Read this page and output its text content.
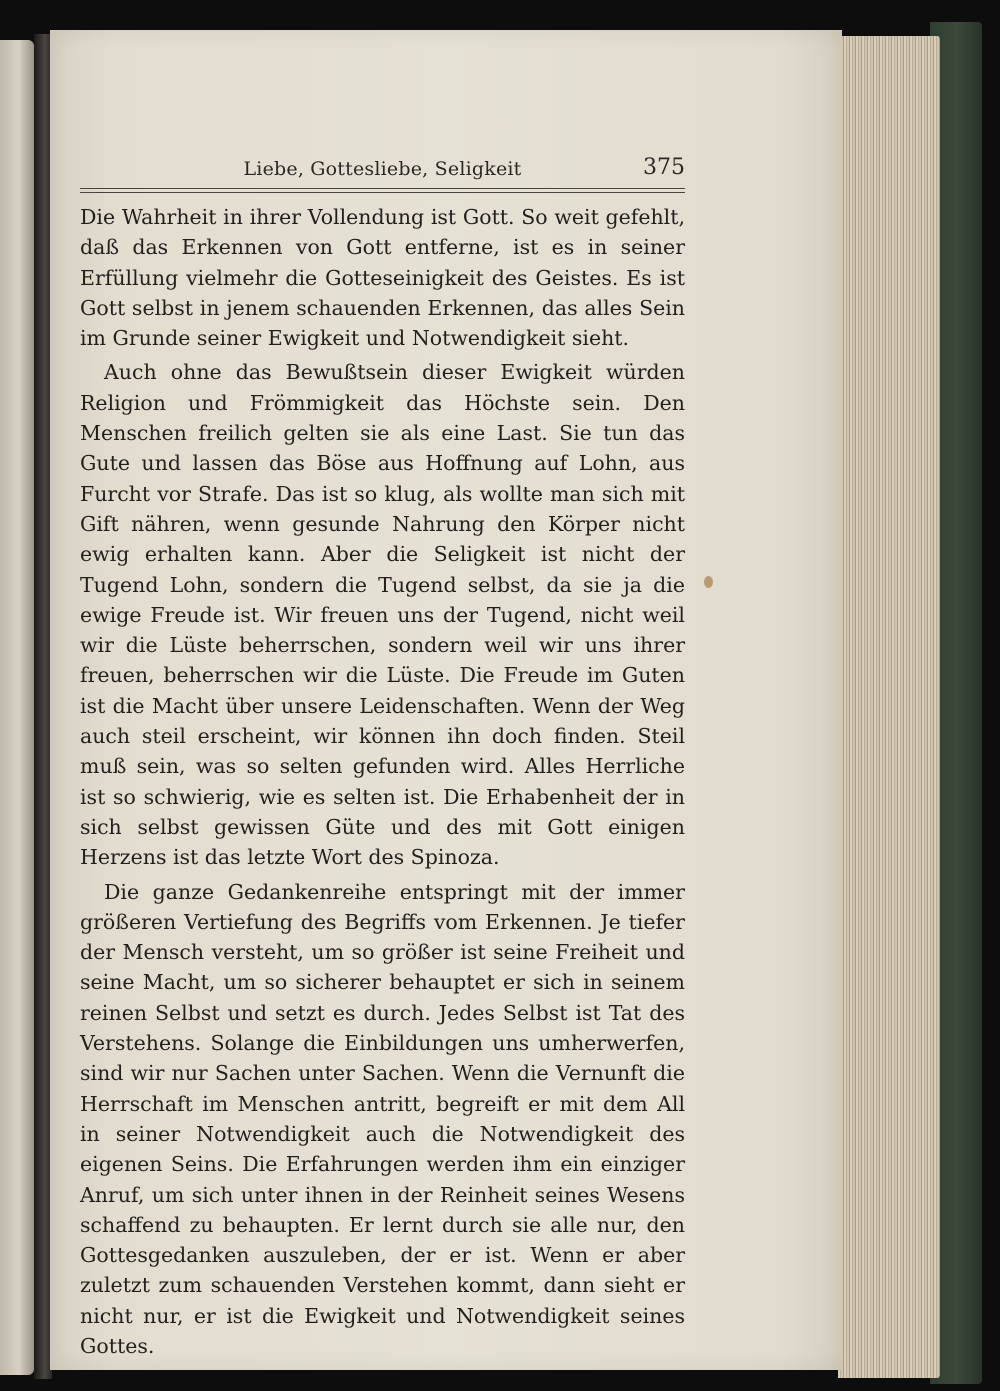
Liebe, Gottesliebe, Seligkeit	375

Die Wahrheit in ihrer Vollendung ist Gott. So weit gefehlt, daß das Erkennen von Gott entferne, ist es in seiner Erfüllung vielmehr die Gotteseinigkeit des Geistes. Es ist Gott selbst in jenem schauenden Erkennen, das alles Sein im Grunde seiner Ewigkeit und Notwendigkeit sieht.

Auch ohne das Bewußtsein dieser Ewigkeit würden Religion und Frömmigkeit das Höchste sein. Den Menschen freilich gelten sie als eine Last. Sie tun das Gute und lassen das Böse aus Hoffnung auf Lohn, aus Furcht vor Strafe. Das ist so klug, als wollte man sich mit Gift nähren, wenn gesunde Nahrung den Körper nicht ewig erhalten kann. Aber die Seligkeit ist nicht der Tugend Lohn, sondern die Tugend selbst, da sie ja die ewige Freude ist. Wir freuen uns der Tugend, nicht weil wir die Lüste beherrschen, sondern weil wir uns ihrer freuen, beherrschen wir die Lüste. Die Freude im Guten ist die Macht über unsere Leidenschaften. Wenn der Weg auch steil erscheint, wir können ihn doch finden. Steil muß sein, was so selten gefunden wird. Alles Herrliche ist so schwierig, wie es selten ist. Die Erhabenheit der in sich selbst gewissen Güte und des mit Gott einigen Herzens ist das letzte Wort des Spinoza.

Die ganze Gedankenreihe entspringt mit der immer größeren Vertiefung des Begriffs vom Erkennen. Je tiefer der Mensch versteht, um so größer ist seine Freiheit und seine Macht, um so sicherer behauptet er sich in seinem reinen Selbst und setzt es durch. Jedes Selbst ist Tat des Verstehens. Solange die Einbildungen uns umherwerfen, sind wir nur Sachen unter Sachen. Wenn die Vernunft die Herrschaft im Menschen antritt, begreift er mit dem All in seiner Notwendigkeit auch die Notwendigkeit des eigenen Seins. Die Erfahrungen werden ihm ein einziger Anruf, um sich unter ihnen in der Reinheit seines Wesens schaffend zu behaupten. Er lernt durch sie alle nur, den Gottesgedanken auszuleben, der er ist. Wenn er aber zuletzt zum schauenden Verstehen kommt, dann sieht er nicht nur, er ist die Ewigkeit und Notwendigkeit seines Gottes.
